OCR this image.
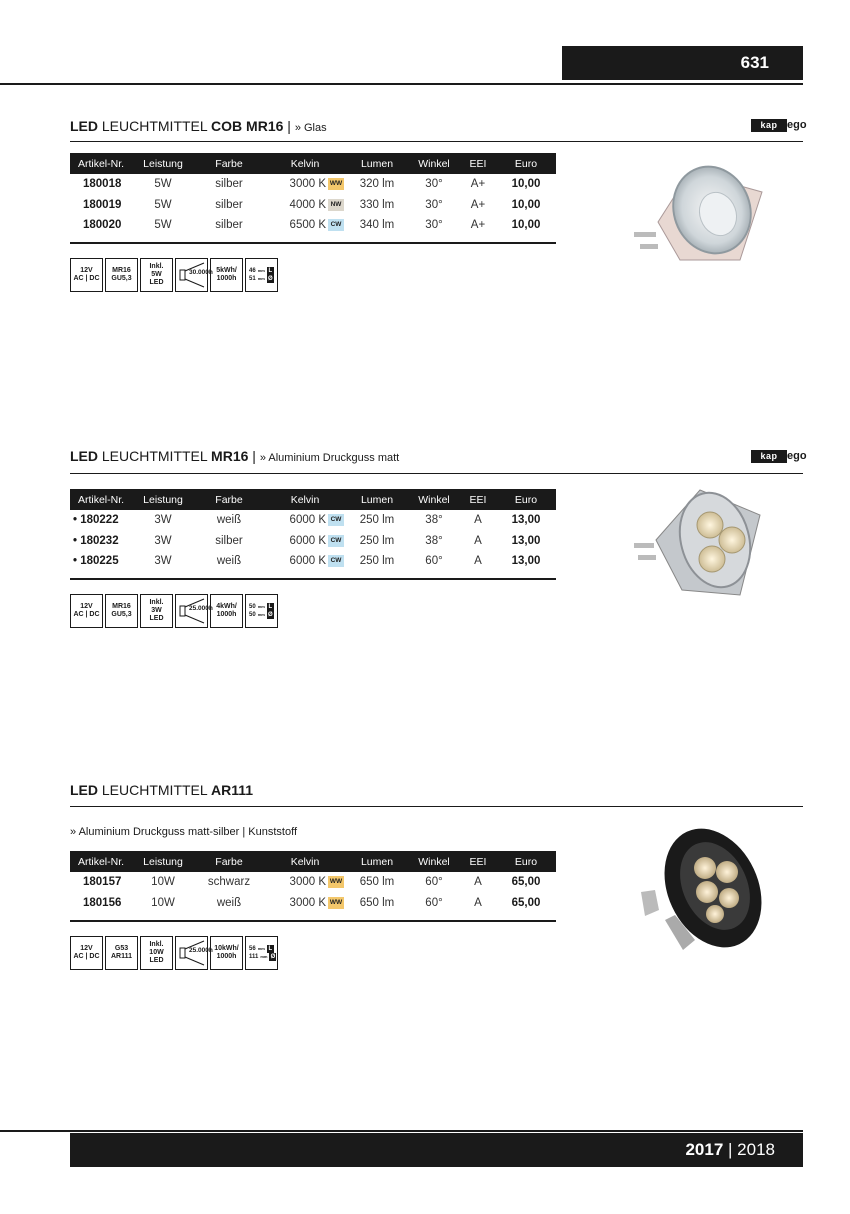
631
LED LEUCHTMITTEL COB MR16 | » Glas	kap ego
Artikel-Nr.	Leistung	Farbe	Kelvin	Lumen	Winkel	EEI	Euro
180018	5W	silber	3000 K WW	320 lm	30°	A+	10,00
180019	5W	silber	4000 K NW	330 lm	30°	A+	10,00
180020	5W	silber	6500 K CW	340 lm	30°	A+	10,00
12V
AC | DC
MR16
GU5,3
Inkl.
5W
LED
30.000h 5kWh/
1000h
46 mm L
51 mm Ø
LED LEUCHTMITTEL MR16 | » Aluminium Druckguss matt	kap ego
Artikel-Nr.	Leistung	Farbe	Kelvin	Lumen	Winkel	EEI	Euro
• 180222	3W	weiß	6000 K CW	250 lm	38°	A	13,00
• 180232	3W	silber	6000 K CW	250 lm	38°	A	13,00
• 180225	3W	weiß	6000 K CW	250 lm	60°	A	13,00
12V
AC | DC
MR16
GU5,3
Inkl.
3W
LED
25.000h 4kWh/
1000h
50 mm L
50 mm Ø
LED LEUCHTMITTEL AR111
» Aluminium Druckguss matt-silber | Kunststoff
Artikel-Nr.	Leistung	Farbe	Kelvin	Lumen	Winkel	EEI	Euro
180157	10W	schwarz	3000 K WW	650 lm	60°	A	65,00
180156	10W	weiß	3000 K WW	650 lm	60°	A	65,00
12V
AC | DC
G53
AR111
Inkl.
10W
LED
25.000h 10kWh/
1000h
56 mm L
111 mm Ø
2017 | 2018
